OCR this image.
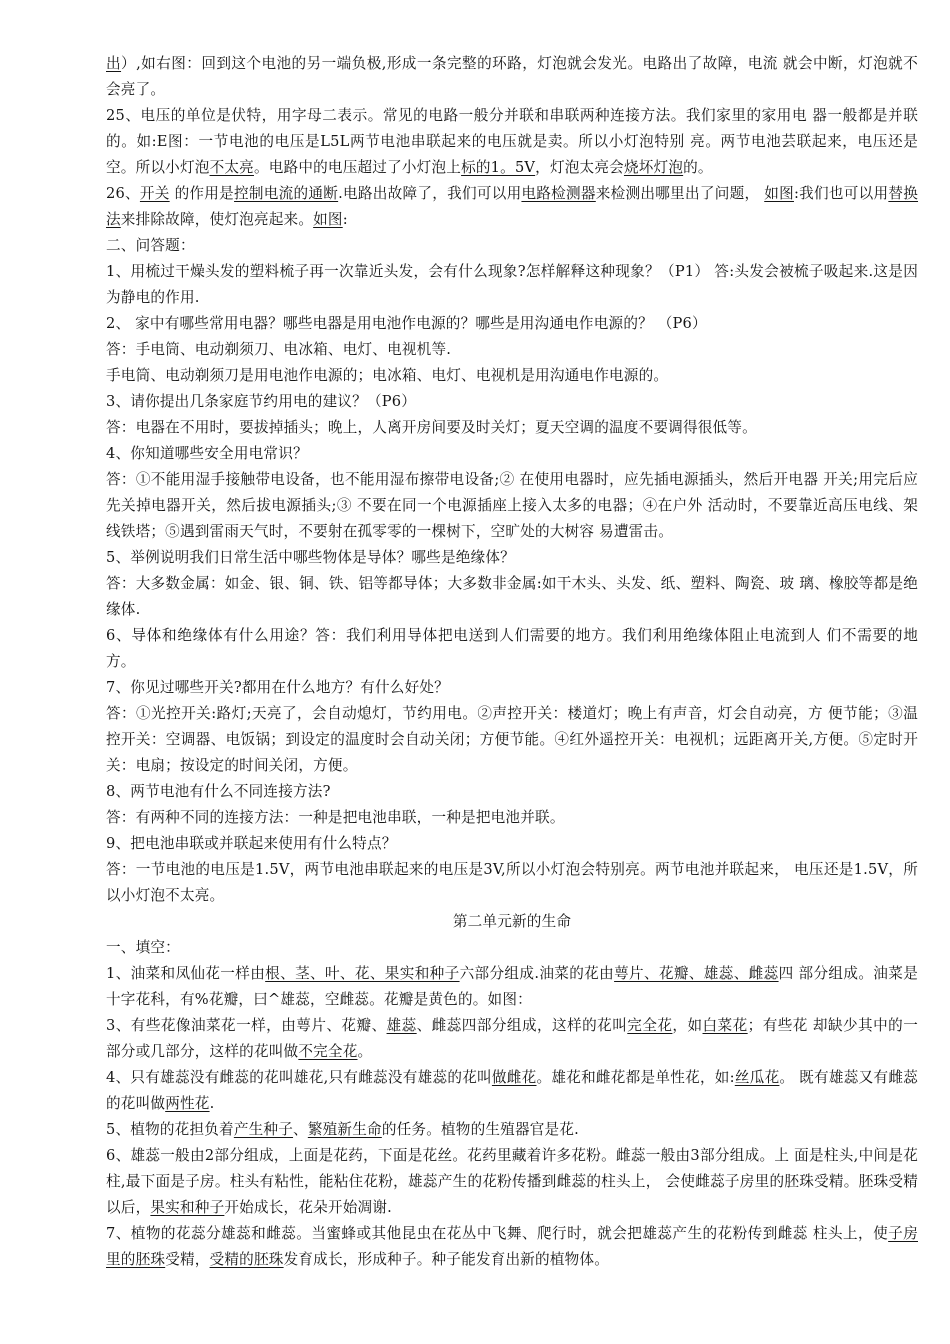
出）,如右图：回到这个电池的另一端负极,形成一条完整的环路，灯泡就会发光。电路出了故障，电流 就会中断，灯泡就不会亮了。

25、电压的单位是伏特，用字母二表示。常见的电路一般分并联和串联两种连接方法。我们家里的家用电 器一般都是并联的。如:E图：一节电池的电压是L5L两节电池串联起来的电压就是卖。所以小灯泡特别 亮。两节电池芸联起来，电压还是空。所以小灯泡不太亮。电路中的电压超过了小灯泡上标的1。5V，灯泡太亮会烧坏灯泡的。

26、开关 的作用是控制电流的通断.电路出故障了，我们可以用电路检测器来检测出哪里出了问题， 如图:我们也可以用替换法来排除故障，使灯泡亮起来。如图:

二、问答题：

1、用梳过干燥头发的塑料梳子再一次靠近头发，会有什么现象?怎样解释这种现象？（P1） 答:头发会被梳子吸起来.这是因为静电的作用.

2、 家中有哪些常用电器？哪些电器是用电池作电源的？哪些是用沟通电作电源的？ （P6）

答：手电筒、电动剃须刀、电冰箱、电灯、电视机等.

手电筒、电动剃须刀是用电池作电源的；电冰箱、电灯、电视机是用沟通电作电源的。

3、请你提出几条家庭节约用电的建议？（P6）

答：电器在不用时，要拔掉插头；晚上，人离开房间要及时关灯；夏天空调的温度不要调得很低等。

4、你知道哪些安全用电常识？

答：①不能用湿手接触带电设备，也不能用湿布擦带电设备;② 在使用电器时，应先插电源插头，然后开电器 开关;用完后应先关掉电器开关，然后拔电源插头;③ 不要在同一个电源插座上接入太多的电器；④在户外 活动时，不要靠近高压电线、架线铁塔；⑤遇到雷雨天气时，不要射在孤零零的一棵树下，空旷处的大树容 易遭雷击。

5、举例说明我们日常生活中哪些物体是导体？哪些是绝缘体？

答：大多数金属：如金、银、铜、铁、铝等都导体；大多数非金属:如干木头、头发、纸、塑料、陶瓷、玻 璃、橡胶等都是绝缘体.

6、导体和绝缘体有什么用途？答：我们利用导体把电送到人们需要的地方。我们利用绝缘体阻止电流到人 们不需要的地方。

7、你见过哪些开关?都用在什么地方？有什么好处？

答：①光控开关:路灯;天亮了，会自动熄灯，节约用电。②声控开关：楼道灯；晚上有声音，灯会自动亮，方 便节能；③温控开关：空调器、电饭锅；到设定的温度时会自动关闭；方便节能。④红外遥控开关：电视机；远距离开关,方便。⑤定时开关：电扇；按设定的时间关闭，方便。

8、两节电池有什么不同连接方法?

答：有两种不同的连接方法：一种是把电池串联，一种是把电池并联。

9、把电池串联或并联起来使用有什么特点？

答：一节电池的电压是1.5V，两节电池串联起来的电压是3V,所以小灯泡会特别亮。两节电池并联起来， 电压还是1.5V，所以小灯泡不太亮。

第二单元新的生命

一、填空：

1、油菜和凤仙花一样由根、茎、叶、花、果实和种子六部分组成.油菜的花由萼片、花瓣、雄蕊、雌蕊四 部分组成。油菜是十字花科，有%花瓣，曰^雄蕊，空雌蕊。花瓣是黄色的。如图：

3、有些花像油菜花一样，由萼片、花瓣、雄蕊、雌蕊四部分组成，这样的花叫完全花，如白菜花；有些花 却缺少其中的一部分或几部分，这样的花叫做不完全花。

4、只有雄蕊没有雌蕊的花叫雄花,只有雌蕊没有雄蕊的花叫做雌花。雄花和雌花都是单性花，如:丝瓜花。 既有雄蕊又有雌蕊的花叫做两性花.

5、植物的花担负着产生种子、繁殖新生命的任务。植物的生殖器官是花.

6、雄蕊一般由2部分组成，上面是花药，下面是花丝。花药里藏着许多花粉。雌蕊一般由3部分组成。上 面是柱头,中间是花柱,最下面是子房。柱头有粘性，能粘住花粉，雄蕊产生的花粉传播到雌蕊的柱头上， 会使雌蕊子房里的胚珠受精。胚珠受精以后，果实和种子开始成长，花朵开始凋谢.

7、植物的花蕊分雄蕊和雌蕊。当蜜蜂或其他昆虫在花丛中飞舞、爬行时，就会把雄蕊产生的花粉传到雌蕊 柱头上，使子房里的胚珠受精，受精的胚珠发育成长，形成种子。种子能发育出新的植物体。
